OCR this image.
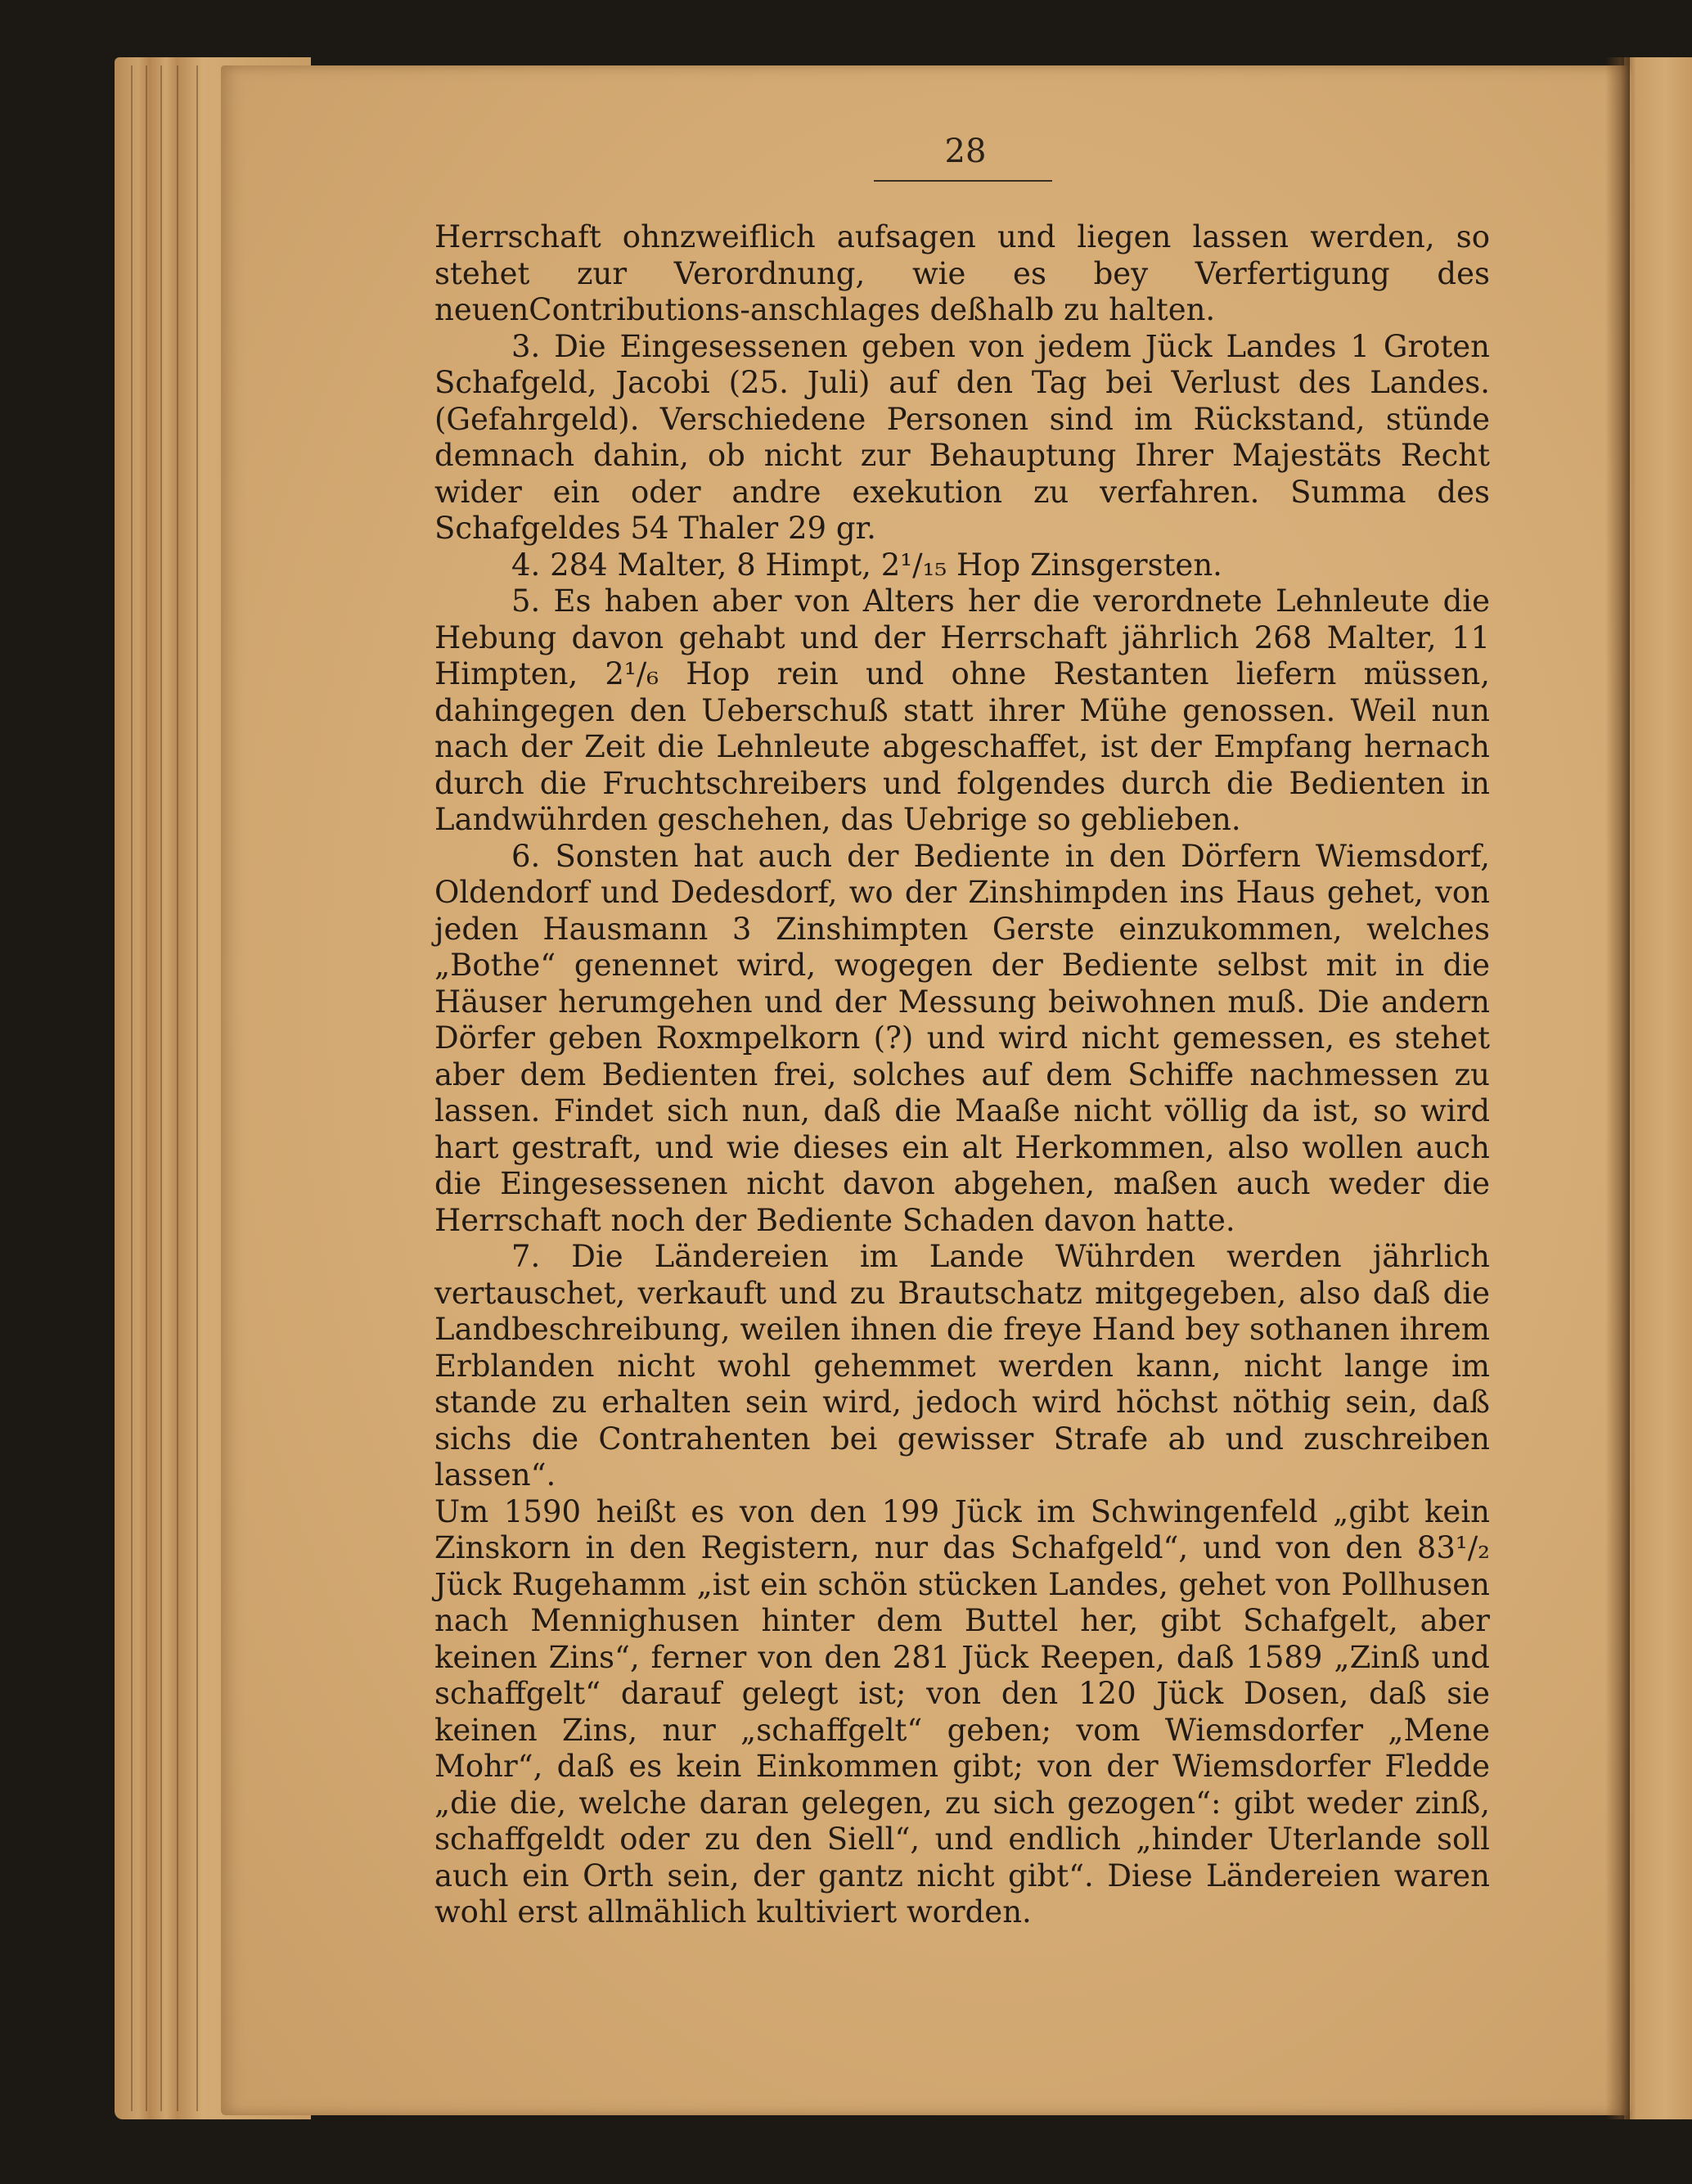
28

Herrschaft ohnzweiflich aufsagen und liegen lassen werden, so stehet zur Verordnung, wie es bey Verfertigung des neuenContributions-anschlages deßhalb zu halten.

3. Die Eingesessenen geben von jedem Jück Landes 1 Groten Schafgeld, Jacobi (25. Juli) auf den Tag bei Verlust des Landes. (Gefahrgeld). Verschiedene Personen sind im Rückstand, stünde demnach dahin, ob nicht zur Behauptung Ihrer Majestäts Recht wider ein oder andre exekution zu verfahren. Summa des Schafgeldes 54 Thaler 29 gr.

4. 284 Malter, 8 Himpt, 2¹/₁₅ Hop Zinsgersten.

5. Es haben aber von Alters her die verordnete Lehnleute die Hebung davon gehabt und der Herrschaft jährlich 268 Malter, 11 Himpten, 2¹/₆ Hop rein und ohne Restanten liefern müssen, dahingegen den Ueberschuß statt ihrer Mühe genossen. Weil nun nach der Zeit die Lehnleute abgeschaffet, ist der Empfang hernach durch die Fruchtschreibers und folgendes durch die Bedienten in Landwührden geschehen, das Uebrige so geblieben.

6. Sonsten hat auch der Bediente in den Dörfern Wiemsdorf, Oldendorf und Dedesdorf, wo der Zinshimpden ins Haus gehet, von jeden Hausmann 3 Zinshimpten Gerste einzukommen, welches „Bothe“ genennet wird, wogegen der Bediente selbst mit in die Häuser herumgehen und der Messung beiwohnen muß. Die andern Dörfer geben Roxmpelkorn (?) und wird nicht gemessen, es stehet aber dem Bedienten frei, solches auf dem Schiffe nachmessen zu lassen. Findet sich nun, daß die Maaße nicht völlig da ist, so wird hart gestraft, und wie dieses ein alt Herkommen, also wollen auch die Eingesessenen nicht davon abgehen, maßen auch weder die Herrschaft noch der Bediente Schaden davon hatte.

7. Die Ländereien im Lande Wührden werden jährlich vertauschet, verkauft und zu Brautschatz mitgegeben, also daß die Landbeschreibung, weilen ihnen die freye Hand bey sothanen ihrem Erblanden nicht wohl gehemmet werden kann, nicht lange im stande zu erhalten sein wird, jedoch wird höchst nöthig sein, daß sichs die Contrahenten bei gewisser Strafe ab und zuschreiben lassen“.

Um 1590 heißt es von den 199 Jück im Schwingenfeld „gibt kein Zinskorn in den Registern, nur das Schafgeld“, und von den 83¹/₂ Jück Rugehamm „ist ein schön stücken Landes, gehet von Pollhusen nach Mennighusen hinter dem Buttel her, gibt Schafgelt, aber keinen Zins“, ferner von den 281 Jück Reepen, daß 1589 „Zinß und schaffgelt“ darauf gelegt ist; von den 120 Jück Dosen, daß sie keinen Zins, nur „schaffgelt“ geben; vom Wiemsdorfer „Mene Mohr“, daß es kein Einkommen gibt; von der Wiemsdorfer Fledde „die die, welche daran gelegen, zu sich gezogen“: gibt weder zinß, schaffgeldt oder zu den Siell“, und endlich „hinder Uterlande soll auch ein Orth sein, der gantz nicht gibt“. Diese Ländereien waren wohl erst allmählich kultiviert worden.
